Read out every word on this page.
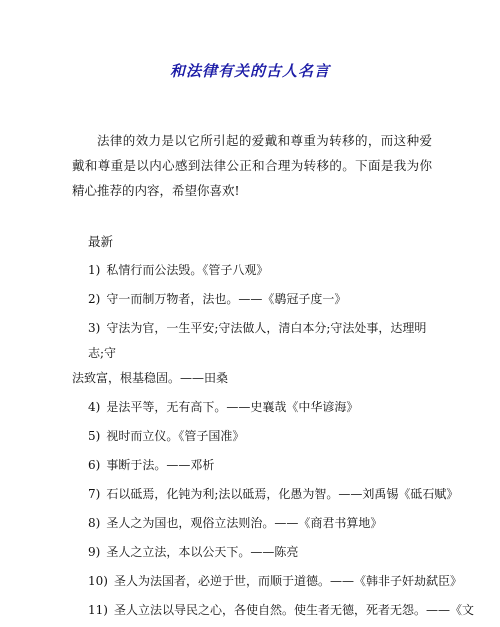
和法律有关的古人名言
法律的效力是以它所引起的爱戴和尊重为转移的，而这种爱戴和尊重是以内心感到法律公正和合理为转移的。下面是我为你精心推荐的内容，希望你喜欢!
最新
1) 私情行而公法毁。《管子八观》
2) 守一而制万物者，法也。——《鹖冠子度一》
3) 守法为官，一生平安;守法做人，清白本分;守法处事，达理明志;守
法致富，根基稳固。——田桑
4) 是法平等，无有高下。——史襄哉《中华谚海》
5) 视时而立仪。《管子国准》
6) 事断于法。——邓析
7) 石以砥焉，化钝为利;法以砥焉，化愚为智。——刘禹锡《砥石赋》
8) 圣人之为国也，观俗立法则治。——《商君书算地》
9) 圣人之立法，本以公天下。——陈亮
10) 圣人为法国者，必逆于世，而顺于道德。——《韩非子奸劫弑臣》
11) 圣人立法以导民之心，各使自然。使生者无德，死者无怨。——《文
